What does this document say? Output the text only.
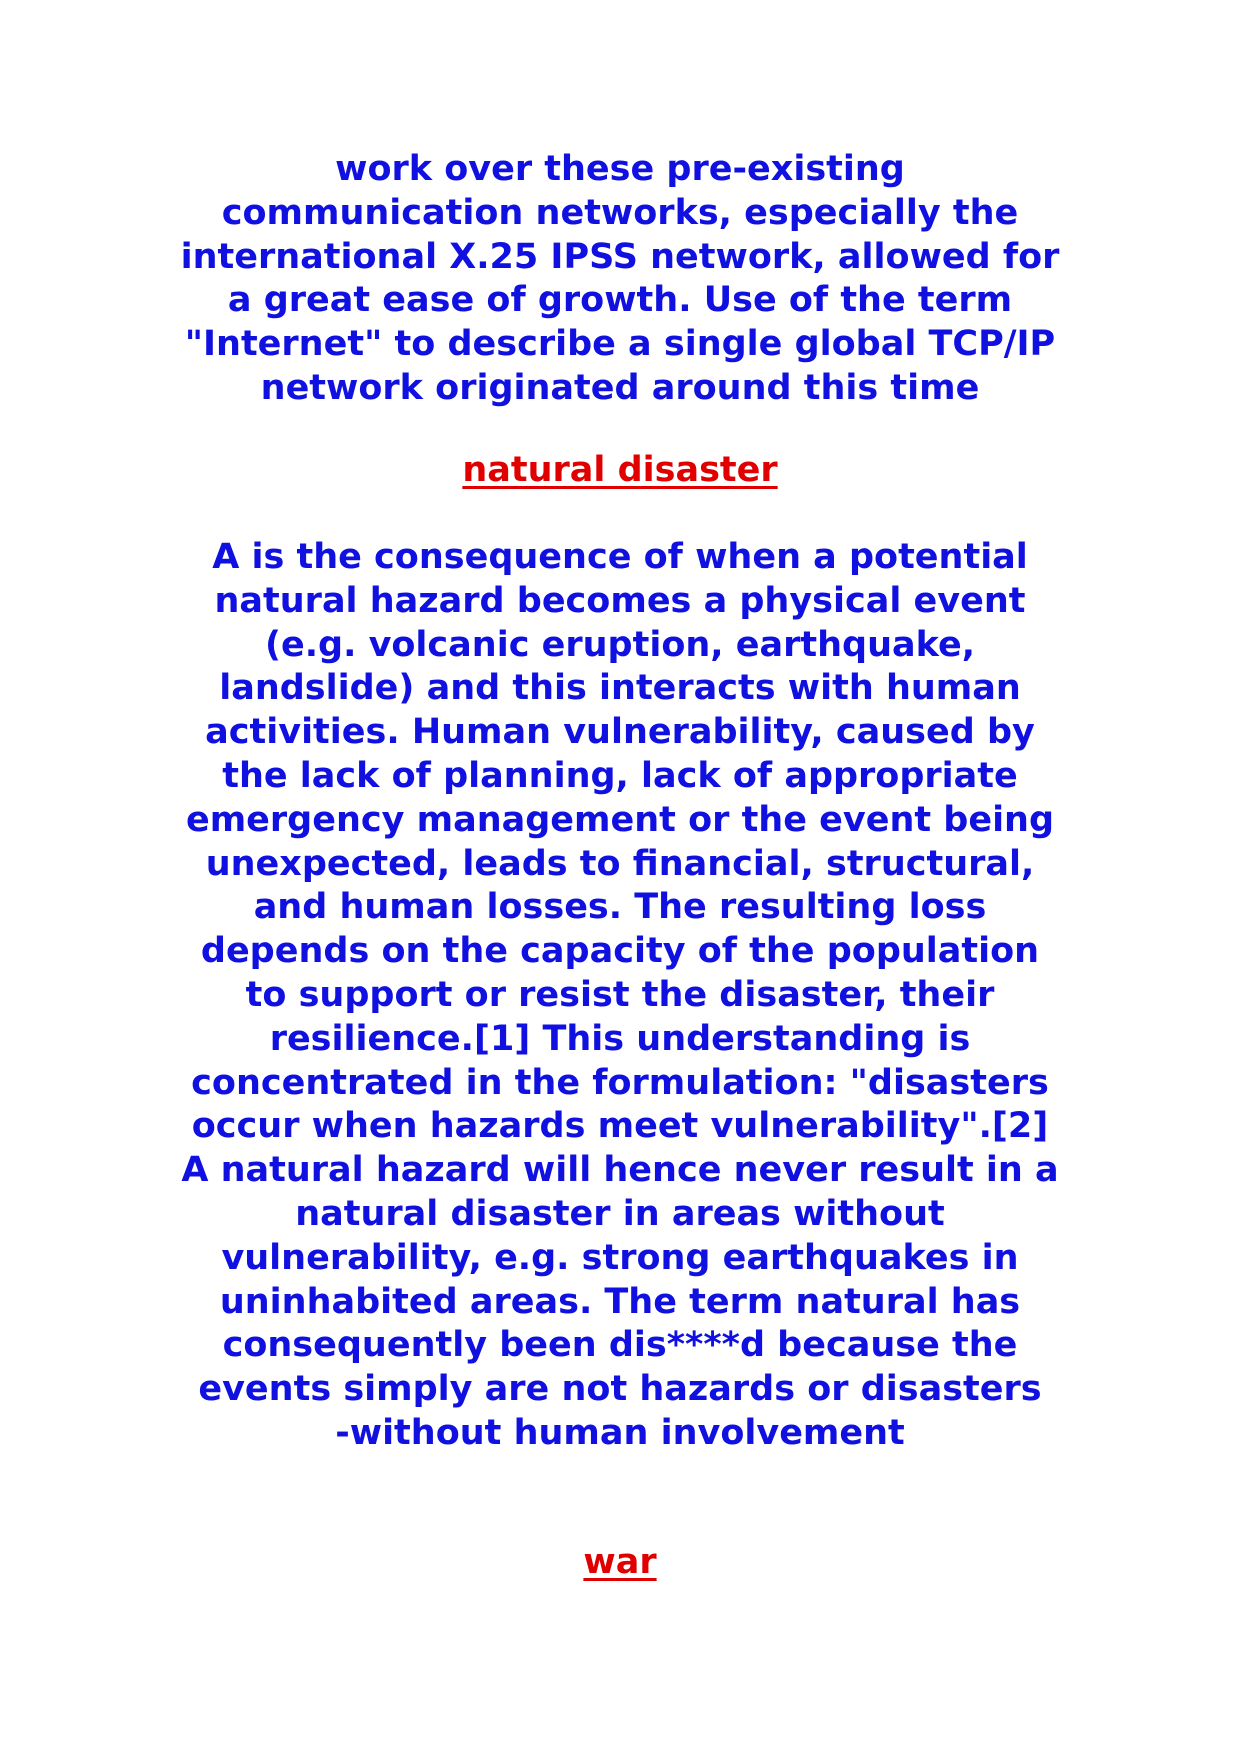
work over these pre-existing
communication networks, especially the
international X.25 IPSS network, allowed for
a great ease of growth. Use of the term
"Internet" to describe a single global TCP/IP
network originated around this time
natural disaster
A is the consequence of when a potential
natural hazard becomes a physical event
(e.g. volcanic eruption, earthquake,
landslide) and this interacts with human
activities. Human vulnerability, caused by
the lack of planning, lack of appropriate
emergency management or the event being
unexpected, leads to financial, structural,
and human losses. The resulting loss
depends on the capacity of the population
to support or resist the disaster, their
resilience.[1] This understanding is
concentrated in the formulation: "disasters
occur when hazards meet vulnerability".[2]
A natural hazard will hence never result in a
natural disaster in areas without
vulnerability, e.g. strong earthquakes in
uninhabited areas. The term natural has
consequently been dis****d because the
events simply are not hazards or disasters
-without human involvement
war
